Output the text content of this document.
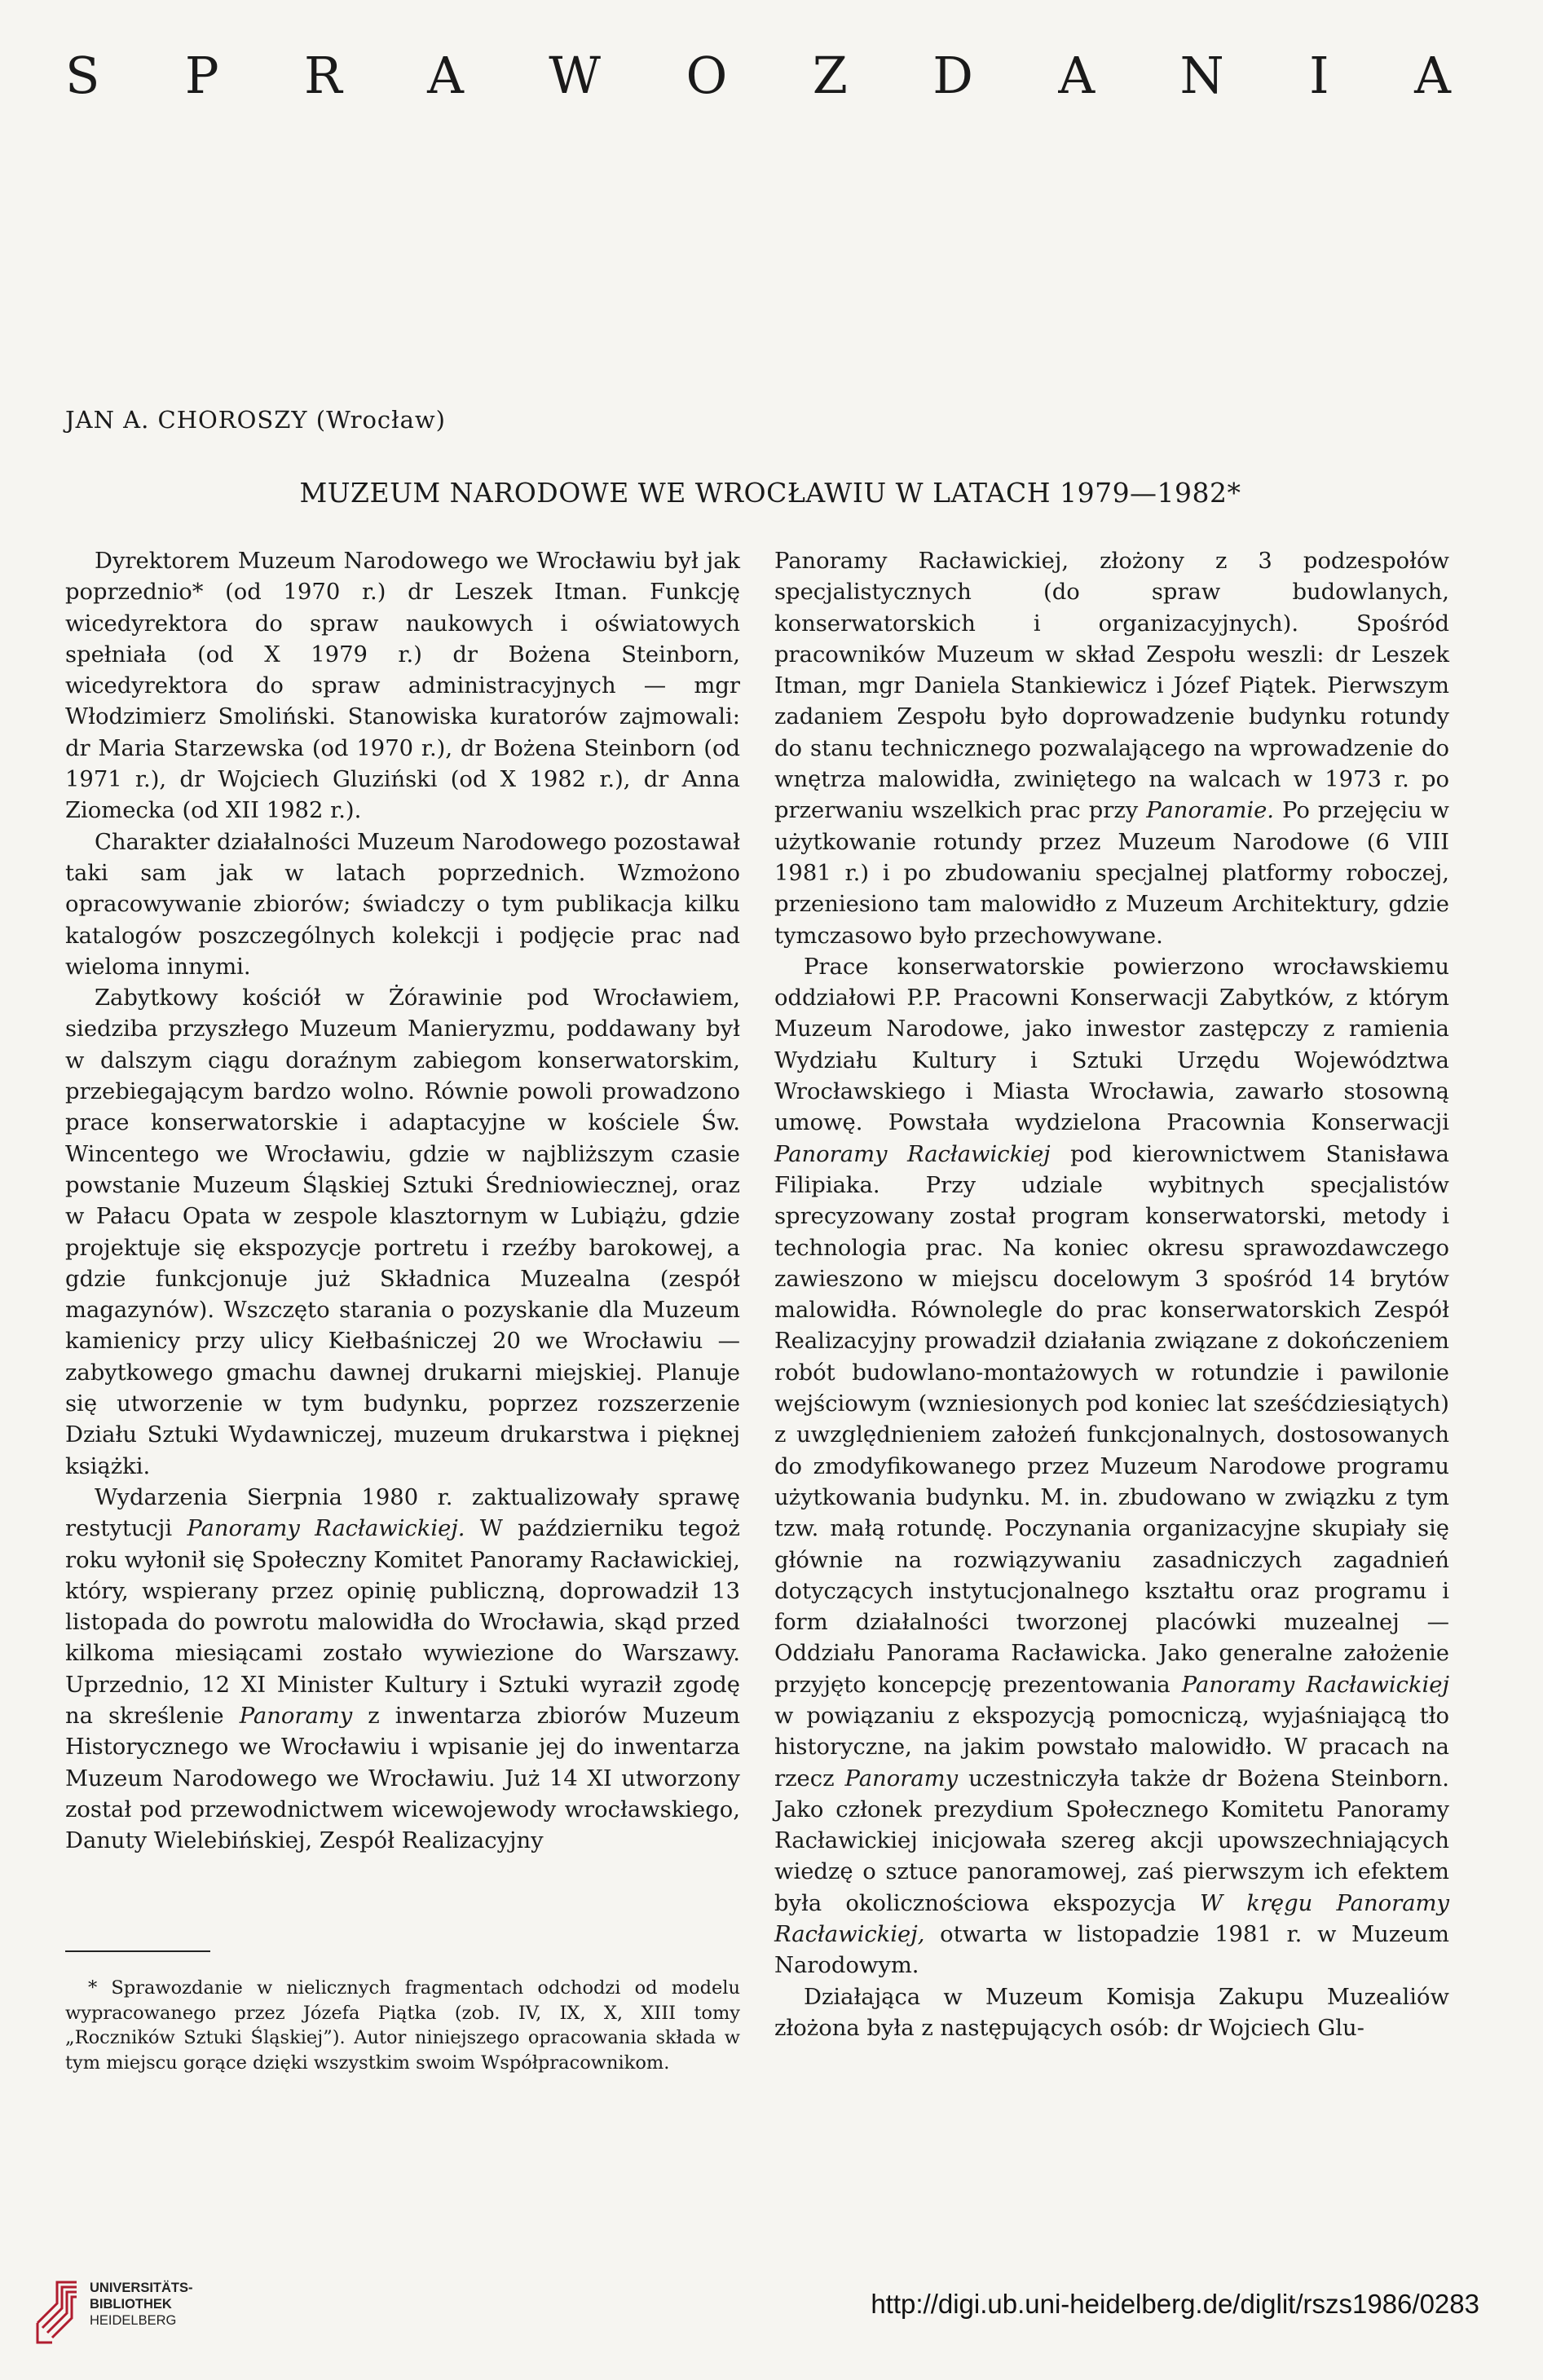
S P R A W O Z D A N I A
JAN A. CHOROSZY (Wrocław)
MUZEUM NARODOWE WE WROCŁAWIU W LATACH 1979—1982*

Dyrektorem Muzeum Narodowego we Wrocławiu był jak poprzednio* (od 1970 r.) dr Leszek Itman. Funkcję wicedyrektora do spraw naukowych i oświatowych spełniała (od X 1979 r.) dr Bożena Steinborn, wicedyrektora do spraw administracyjnych — mgr Włodzimierz Smoliński. Stanowiska kuratorów zajmowali: dr Maria Starzewska (od 1970 r.), dr Bożena Steinborn (od 1971 r.), dr Wojciech Gluziński (od X 1982 r.), dr Anna Ziomecka (od XII 1982 r.).

Charakter działalności Muzeum Narodowego pozostawał taki sam jak w latach poprzednich. Wzmożono opracowywanie zbiorów; świadczy o tym publikacja kilku katalogów poszczególnych kolekcji i podjęcie prac nad wieloma innymi.

Zabytkowy kościół w Żórawinie pod Wrocławiem, siedziba przyszłego Muzeum Manieryzmu, poddawany był w dalszym ciągu doraźnym zabiegom konserwatorskim, przebiegającym bardzo wolno. Równie powoli prowadzono prace konserwatorskie i adaptacyjne w kościele Św. Wincentego we Wrocławiu, gdzie w najbliższym czasie powstanie Muzeum Śląskiej Sztuki Średniowiecznej, oraz w Pałacu Opata w zespole klasztornym w Lubiążu, gdzie projektuje się ekspozycje portretu i rzeźby barokowej, a gdzie funkcjonuje już Składnica Muzealna (zespół magazynów). Wszczęto starania o pozyskanie dla Muzeum kamienicy przy ulicy Kiełbaśniczej 20 we Wrocławiu — zabytkowego gmachu dawnej drukarni miejskiej. Planuje się utworzenie w tym budynku, poprzez rozszerzenie Działu Sztuki Wydawniczej, muzeum drukarstwa i pięknej książki.

Wydarzenia Sierpnia 1980 r. zaktualizowały sprawę restytucji Panoramy Racławickiej. W październiku tegoż roku wyłonił się Społeczny Komitet Panoramy Racławickiej, który, wspierany przez opinię publiczną, doprowadził 13 listopada do powrotu malowidła do Wrocławia, skąd przed kilkoma miesiącami zostało wywiezione do Warszawy. Uprzednio, 12 XI Minister Kultury i Sztuki wyraził zgodę na skreślenie Panoramy z inwentarza zbiorów Muzeum Historycznego we Wrocławiu i wpisanie jej do inwentarza Muzeum Narodowego we Wrocławiu. Już 14 XI utworzony został pod przewodnictwem wicewojewody wrocławskiego, Danuty Wielebińskiej, Zespół Realizacyjny

Panoramy Racławickiej, złożony z 3 podzespołów specjalistycznych (do spraw budowlanych, konserwatorskich i organizacyjnych). Spośród pracowników Muzeum w skład Zespołu weszli: dr Leszek Itman, mgr Daniela Stankiewicz i Józef Piątek. Pierwszym zadaniem Zespołu było doprowadzenie budynku rotundy do stanu technicznego pozwalającego na wprowadzenie do wnętrza malowidła, zwiniętego na walcach w 1973 r. po przerwaniu wszelkich prac przy Panoramie. Po przejęciu w użytkowanie rotundy przez Muzeum Narodowe (6 VIII 1981 r.) i po zbudowaniu specjalnej platformy roboczej, przeniesiono tam malowidło z Muzeum Architektury, gdzie tymczasowo było przechowywane.

Prace konserwatorskie powierzono wrocławskiemu oddziałowi P.P. Pracowni Konserwacji Zabytków, z którym Muzeum Narodowe, jako inwestor zastępczy z ramienia Wydziału Kultury i Sztuki Urzędu Województwa Wrocławskiego i Miasta Wrocławia, zawarło stosowną umowę. Powstała wydzielona Pracownia Konserwacji Panoramy Racławickiej pod kierownictwem Stanisława Filipiaka. Przy udziale wybitnych specjalistów sprecyzowany został program konserwatorski, metody i technologia prac. Na koniec okresu sprawozdawczego zawieszono w miejscu docelowym 3 spośród 14 brytów malowidła. Równolegle do prac konserwatorskich Zespół Realizacyjny prowadził działania związane z dokończeniem robót budowlano-montażowych w rotundzie i pawilonie wejściowym (wzniesionych pod koniec lat sześćdziesiątych) z uwzględnieniem założeń funkcjonalnych, dostosowanych do zmodyfikowanego przez Muzeum Narodowe programu użytkowania budynku. M. in. zbudowano w związku z tym tzw. małą rotundę. Poczynania organizacyjne skupiały się głównie na rozwiązywaniu zasadniczych zagadnień dotyczących instytucjonalnego kształtu oraz programu i form działalności tworzonej placówki muzealnej — Oddziału Panorama Racławicka. Jako generalne założenie przyjęto koncepcję prezentowania Panoramy Racławickiej w powiązaniu z ekspozycją pomocniczą, wyjaśniającą tło historyczne, na jakim powstało malowidło. W pracach na rzecz Panoramy uczestniczyła także dr Bożena Steinborn. Jako członek prezydium Społecznego Komitetu Panoramy Racławickiej inicjowała szereg akcji upowszechniających wiedzę o sztuce panoramowej, zaś pierwszym ich efektem była okolicznościowa ekspozycja W kręgu Panoramy Racławickiej, otwarta w listopadzie 1981 r. w Muzeum Narodowym.

Działająca w Muzeum Komisja Zakupu Muzealiów złożona była z następujących osób: dr Wojciech Glu-

* Sprawozdanie w nielicznych fragmentach odchodzi od modelu wypracowanego przez Józefa Piątka (zob. IV, IX, X, XIII tomy „Roczników Sztuki Śląskiej”). Autor niniejszego opracowania składa w tym miejscu gorące dzięki wszystkim swoim Współpracownikom.

UNIVERSITÄTS-
BIBLIOTHEK
HEIDELBERG
http://digi.ub.uni-heidelberg.de/diglit/rszs1986/0283
